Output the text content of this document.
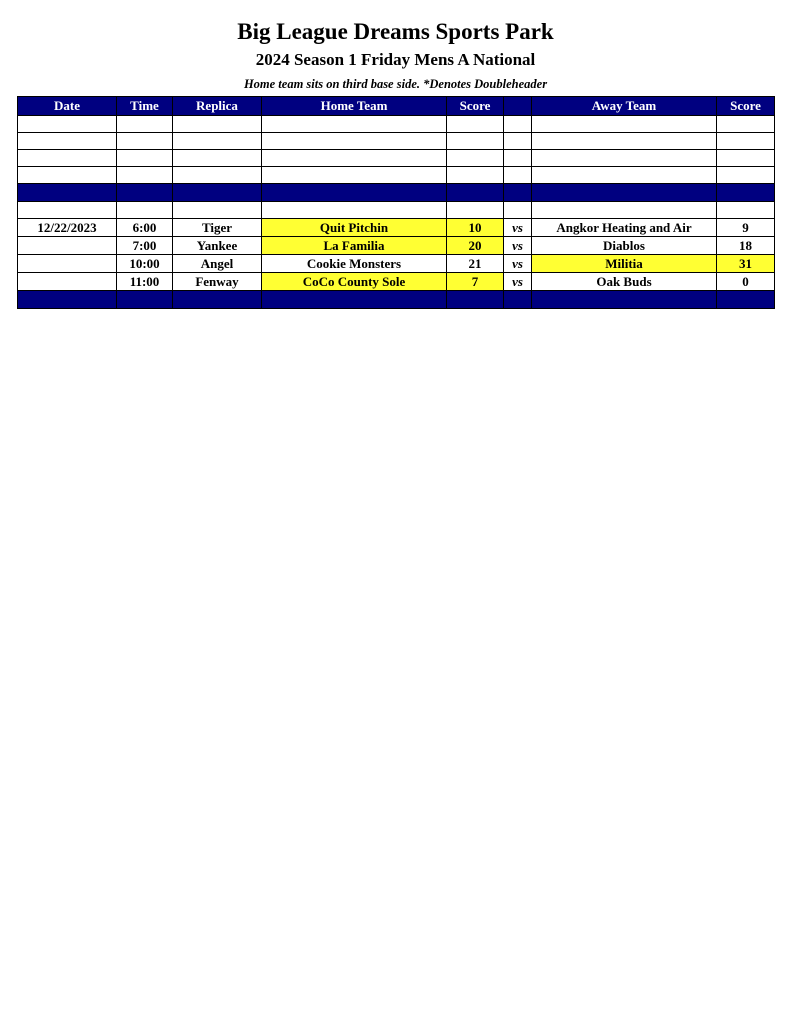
Big League Dreams Sports Park
2024 Season 1 Friday Mens A National
Home team sits on third base side. *Denotes Doubleheader
Date	Time	Replica	Home Team	Score		Away Team	Score

12/22/2023	6:00	Tiger	Quit Pitchin	10	vs	Angkor Heating and Air	9
	7:00	Yankee	La Familia	20	vs	Diablos	18
	10:00	Angel	Cookie Monsters	21	vs	Militia	31
	11:00	Fenway	CoCo County Sole	7	vs	Oak Buds	0
